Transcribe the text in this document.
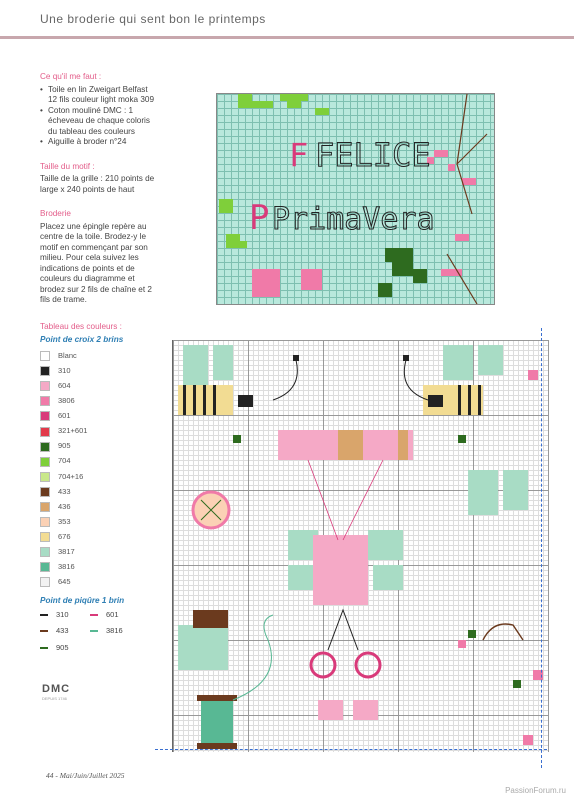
Une broderie qui sent bon le printemps
Ce qu'il me faut :
• Toile en lin Zweigart Belfast 12 fils couleur light moka 309
• Coton mouliné DMC : 1 écheveau de chaque coloris du tableau des couleurs
• Aiguille à broder n°24
Taille du motif :
Taille de la grille : 210 points de large x 240 points de haut
Broderie
Placez une épingle repère au centre de la toile. Brodez-y le motif en commençant par son milieu. Pour cela suivez les indications de points et de couleurs du diagramme et brodez sur 2 fils de chaîne et 2 fils de trame.
Tableau des couleurs :
Point de croix 2 brins
Blanc
310
604
3806
601
321+601
905
704
704+16
433
436
353
676
3817
3816
645
Point de piqûre 1 brin
310	601
433	3816
905
DMC
DEPUIS 1746
F FELICE
P PrimaVera
44 - Mai/Juin/Juillet 2025
PassionForum.ru
